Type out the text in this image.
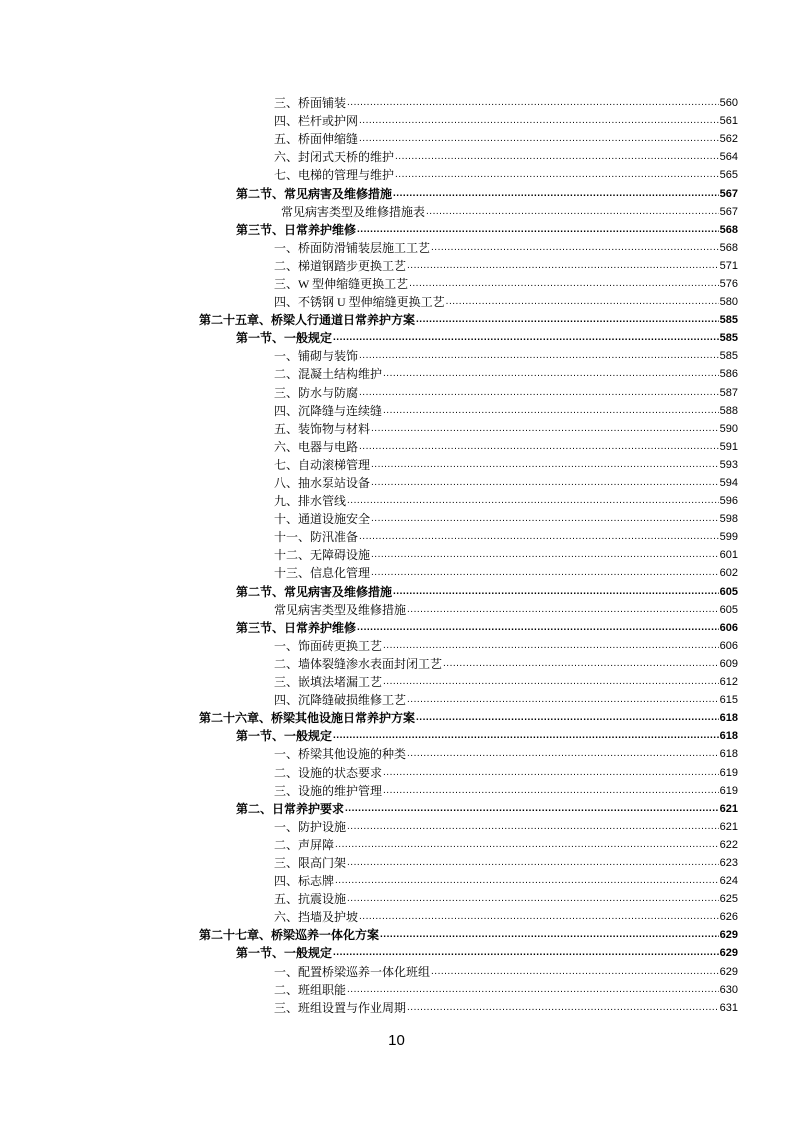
三、桥面铺装 .....	560
四、栏杆或护网 .....	561
五、桥面伸缩缝 .....	562
六、封闭式天桥的维护 .....	564
七、电梯的管理与维护 .....	565
第二节、常见病害及维修措施 .....	567
常见病害类型及维修措施表 .....	567
第三节、日常养护维修 .....	568
一、桥面防滑铺装层施工工艺 .....	568
二、梯道钢踏步更换工艺 .....	571
三、W 型伸缩缝更换工艺 .....	576
四、不锈钢 U 型伸缩缝更换工艺 .....	580
第二十五章、桥梁人行通道日常养护方案 .....	585
第一节、一般规定 .....	585
一、铺砌与装饰 .....	585
二、混凝土结构维护 .....	586
三、防水与防腐 .....	587
四、沉降缝与连续缝 .....	588
五、装饰物与材料 .....	590
六、电器与电路 .....	591
七、自动滚梯管理 .....	593
八、抽水泵站设备 .....	594
九、排水管线 .....	596
十、通道设施安全 .....	598
十一、防汛准备 .....	599
十二、无障碍设施 .....	601
十三、信息化管理 .....	602
第二节、常见病害及维修措施 .....	605
常见病害类型及维修措施 .....	605
第三节、日常养护维修 .....	606
一、饰面砖更换工艺 .....	606
二、墙体裂缝渗水表面封闭工艺 .....	609
三、嵌填法堵漏工艺 .....	612
四、沉降缝破损维修工艺 .....	615
第二十六章、桥梁其他设施日常养护方案 .....	618
第一节、一般规定 .....	618
一、桥梁其他设施的种类 .....	618
二、设施的状态要求 .....	619
三、设施的维护管理 .....	619
第二、日常养护要求 .....	621
一、防护设施 .....	621
二、声屏障 .....	622
三、限高门架 .....	623
四、标志牌 .....	624
五、抗震设施 .....	625
六、挡墙及护坡 .....	626
第二十七章、桥梁巡养一体化方案 .....	629
第一节、一般规定 .....	629
一、配置桥梁巡养一体化班组 .....	629
二、班组职能 .....	630
三、班组设置与作业周期 .....	631
10
